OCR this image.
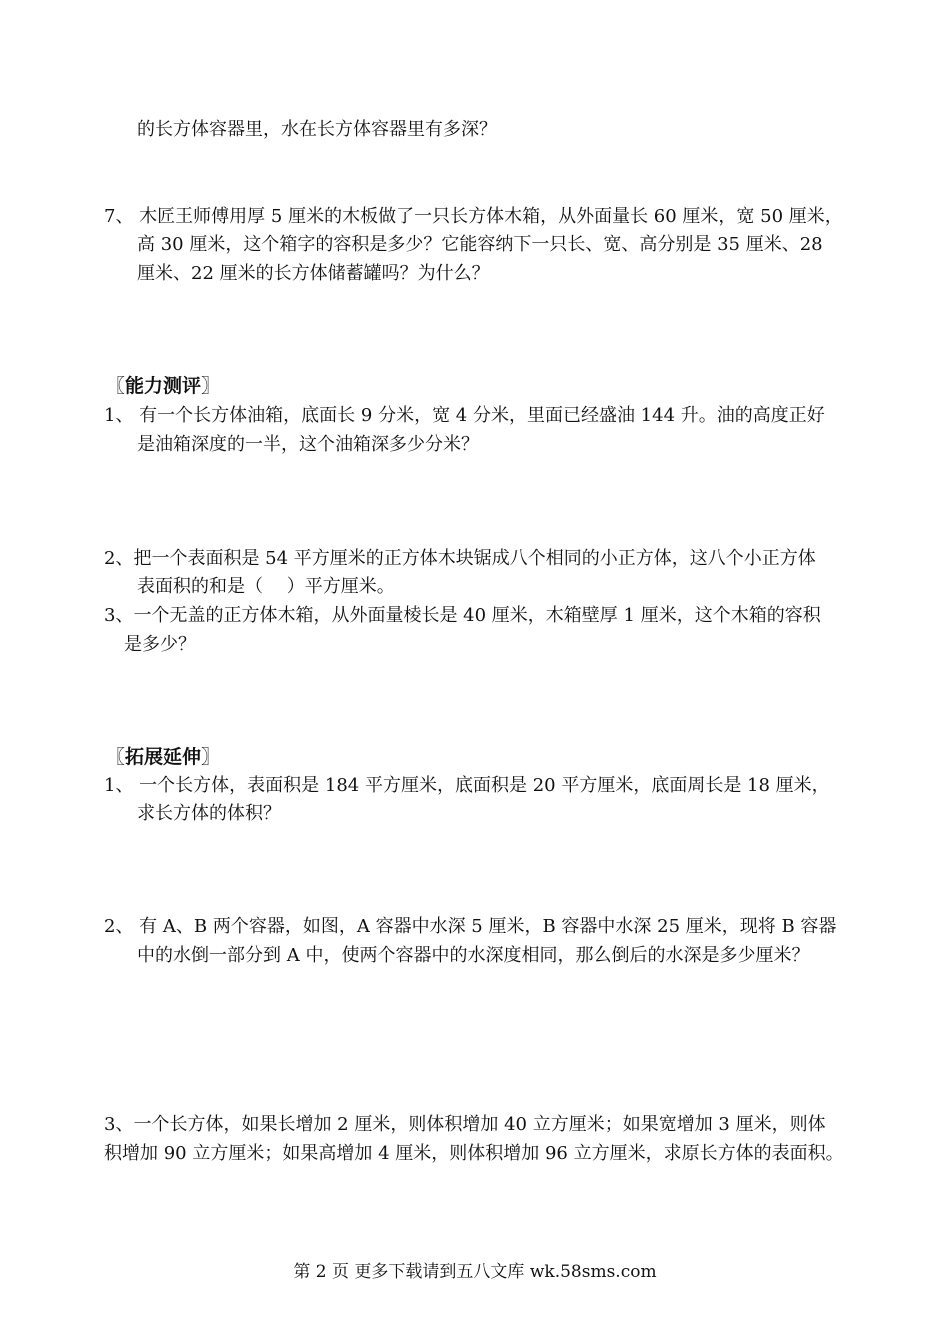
的长方体容器里，水在长方体容器里有多深？
7、 木匠王师傅用厚 5 厘米的木板做了一只长方体木箱，从外面量长 60 厘米，宽 50 厘米，
高 30 厘米，这个箱字的容积是多少？它能容纳下一只长、宽、高分别是 35 厘米、28
厘米、22 厘米的长方体储蓄罐吗？为什么？
〖能力测评〗
1、 有一个长方体油箱，底面长 9 分米，宽 4 分米，里面已经盛油 144 升。油的高度正好
是油箱深度的一半，这个油箱深多少分米？
2、把一个表面积是 54 平方厘米的正方体木块锯成八个相同的小正方体，这八个小正方体
表面积的和是（　 ）平方厘米。
3、一个无盖的正方体木箱，从外面量棱长是 40 厘米，木箱壁厚 1 厘米，这个木箱的容积
是多少？
〖拓展延伸〗
1、 一个长方体，表面积是 184 平方厘米，底面积是 20 平方厘米，底面周长是 18 厘米，
求长方体的体积？
2、 有 A、B 两个容器，如图，A 容器中水深 5 厘米，B 容器中水深 25 厘米，现将 B 容器
中的水倒一部分到 A 中，使两个容器中的水深度相同，那么倒后的水深是多少厘米？
3、一个长方体，如果长增加 2 厘米，则体积增加 40 立方厘米；如果宽增加 3 厘米，则体
积增加 90 立方厘米；如果高增加 4 厘米，则体积增加 96 立方厘米，求原长方体的表面积。
第 2 页 更多下载请到五八文库 wk.58sms.com
